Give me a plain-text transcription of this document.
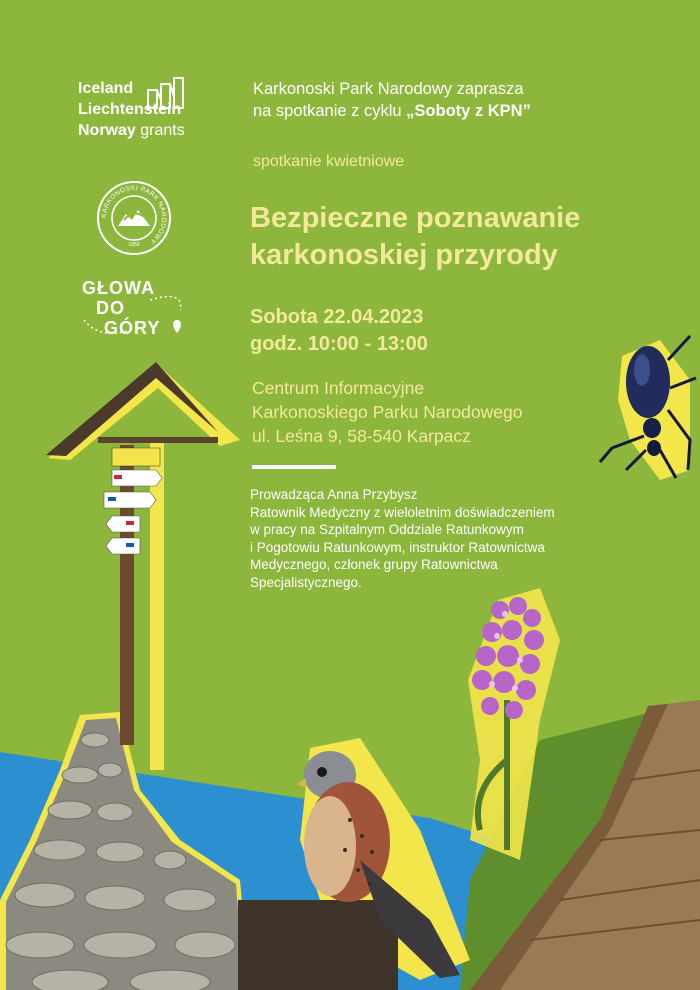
Iceland
Liechtenstein
Norway grants
KARKONOSKI PARK NARODOWY
1959
GŁOWA
DO
GÓRY
Karkonoski Park Narodowy zaprasza
na spotkanie z cyklu „Soboty z KPN”
spotkanie kwietniowe
Bezpieczne poznawanie
karkonoskiej przyrody
Sobota 22.04.2023
godz. 10:00 - 13:00
Centrum Informacyjne
Karkonoskiego Parku Narodowego
ul. Leśna 9, 58-540 Karpacz
Prowadząca Anna Przybysz
Ratownik Medyczny z wieloletnim doświadczeniem
w pracy na Szpitalnym Oddziale Ratunkowym
i Pogotowiu Ratunkowym, instruktor Ratownictwa
Medycznego, członek grupy Ratownictwa
Specjalistycznego.
